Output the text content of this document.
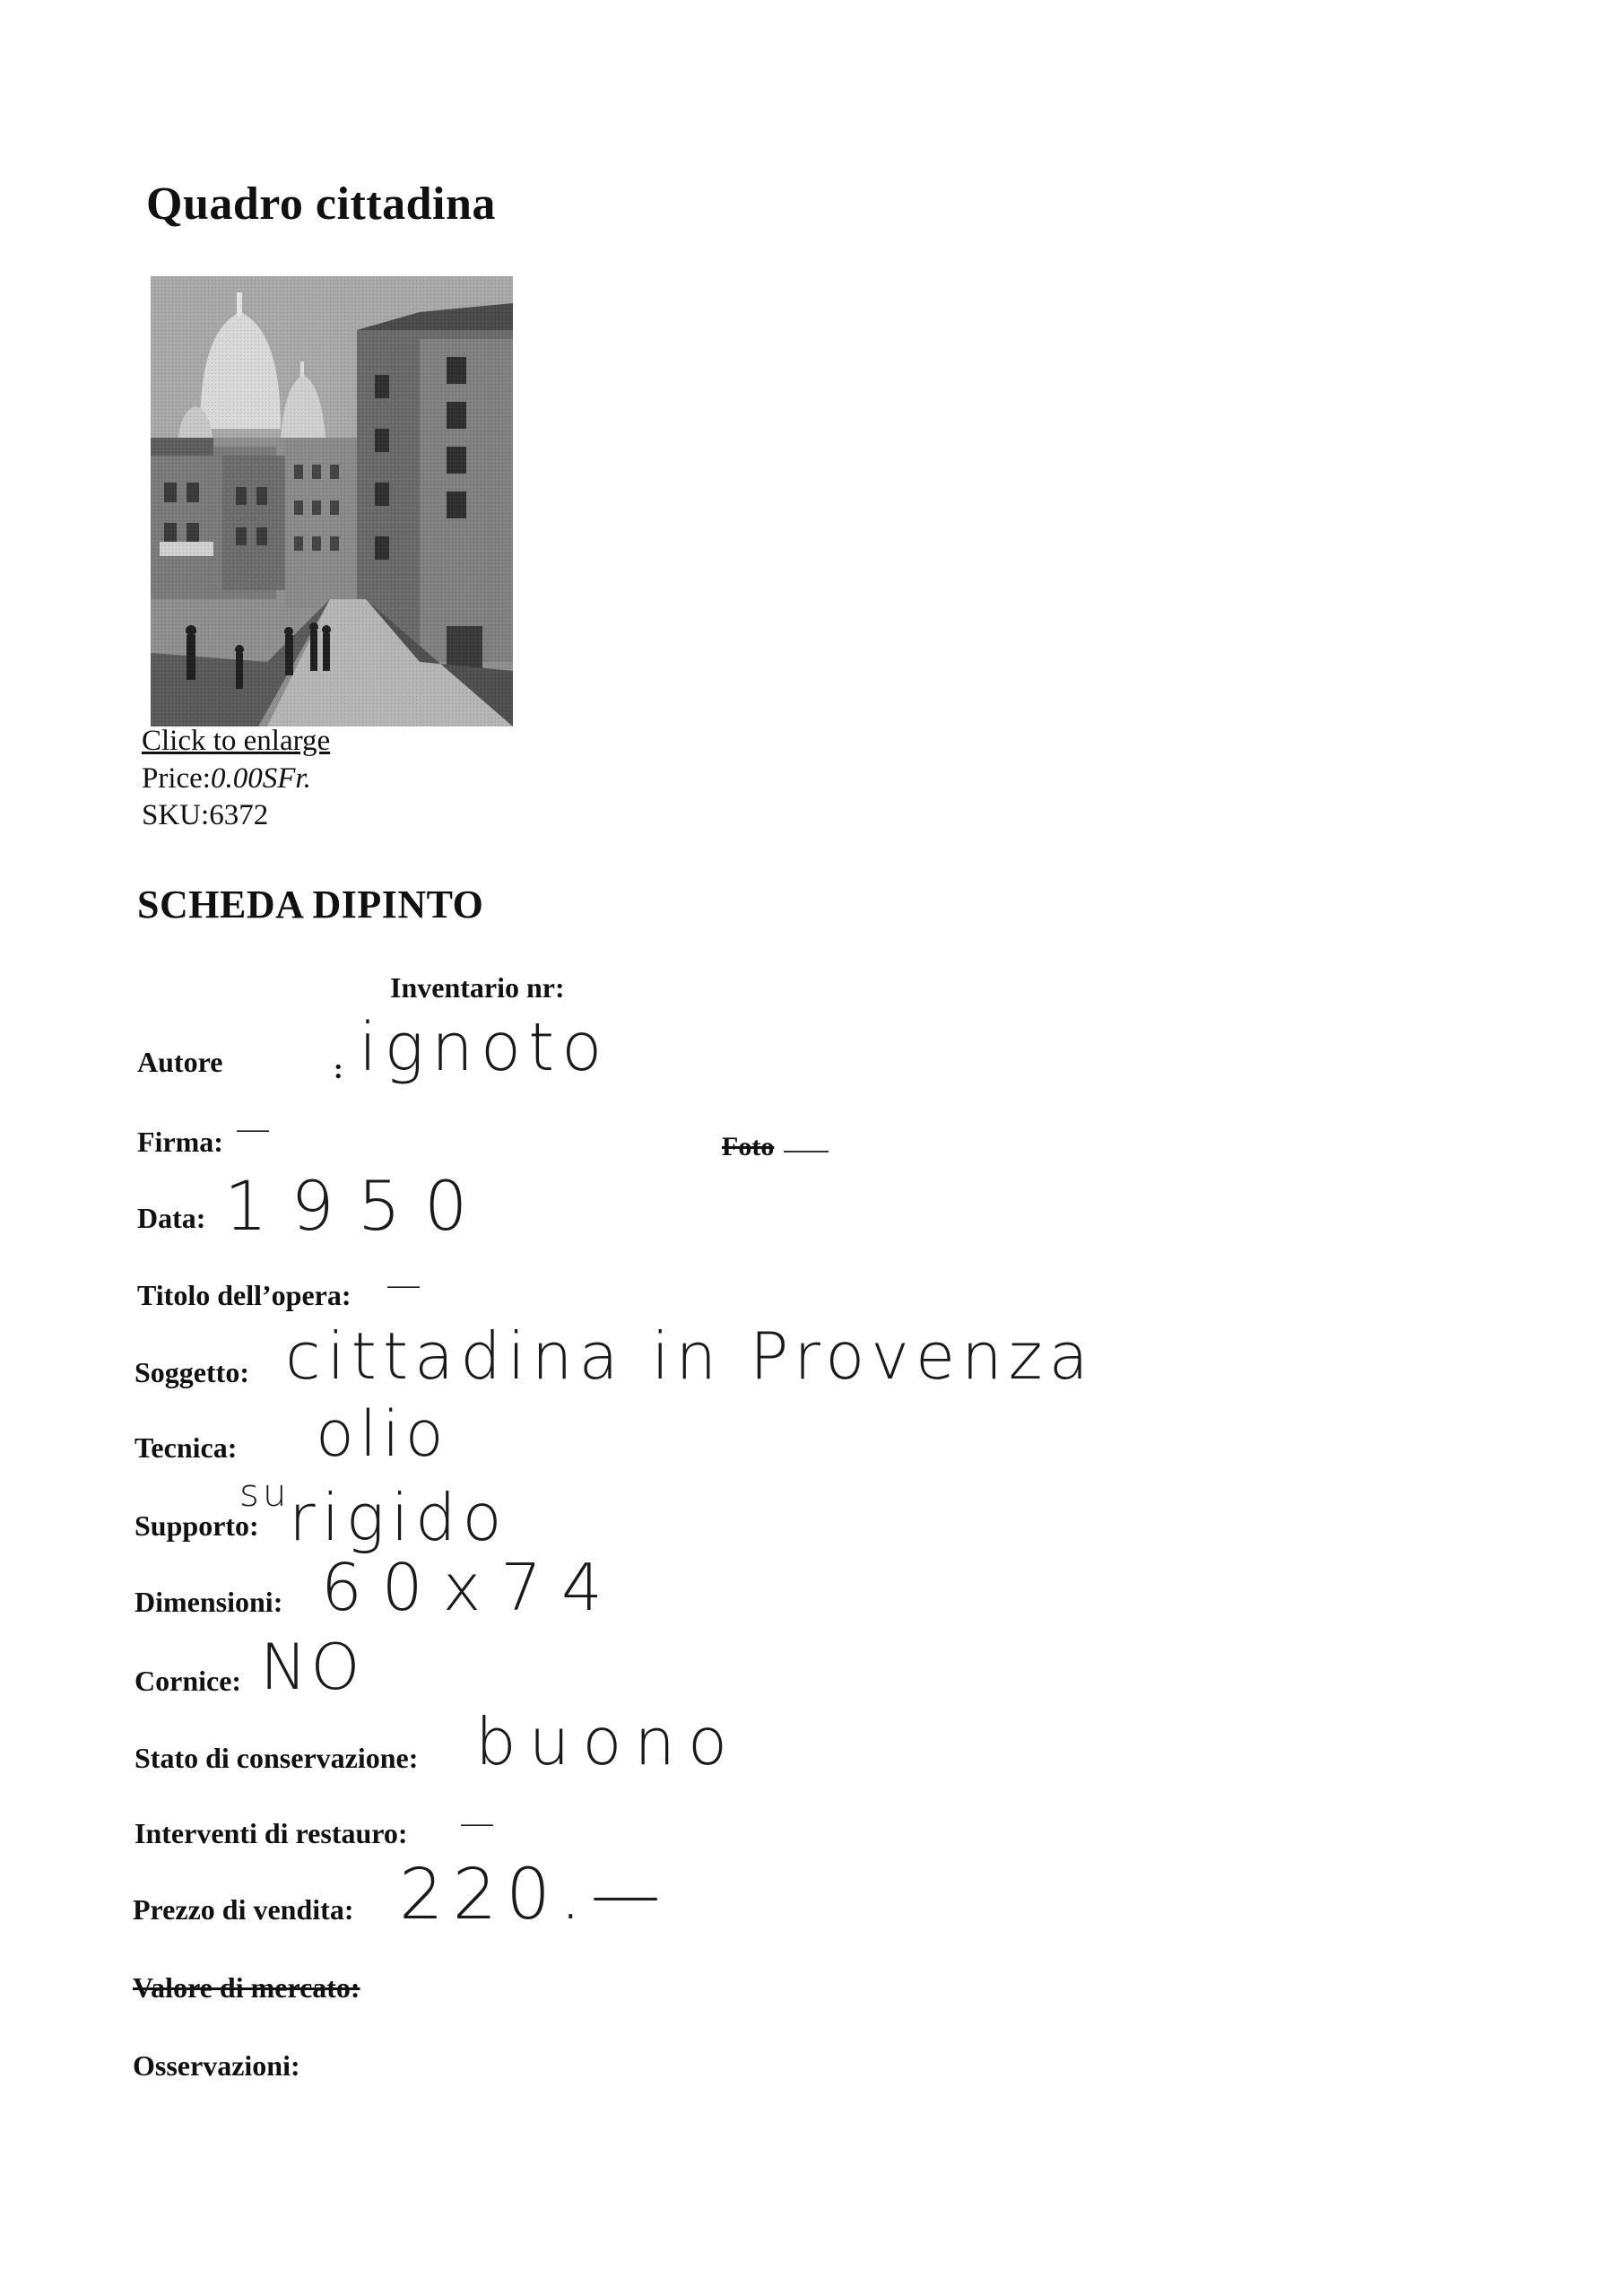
Quadro cittadina
Click to enlarge
Price:0.00SFr.
SKU:6372
SCHEDA DIPINTO
Inventario nr:
Autore	: ignoto
Firma: —	Foto
Data: 1950
Titolo dell’opera: —
Soggetto: cittadina in Provenza
Tecnica: olio
Supporto:
su
rigido
Dimensioni: 60x74
Cornice: NO
Stato di conservazione: buono
Interventi di restauro: —
Prezzo di vendita: 220.—
Valore di mercato:
Osservazioni:
